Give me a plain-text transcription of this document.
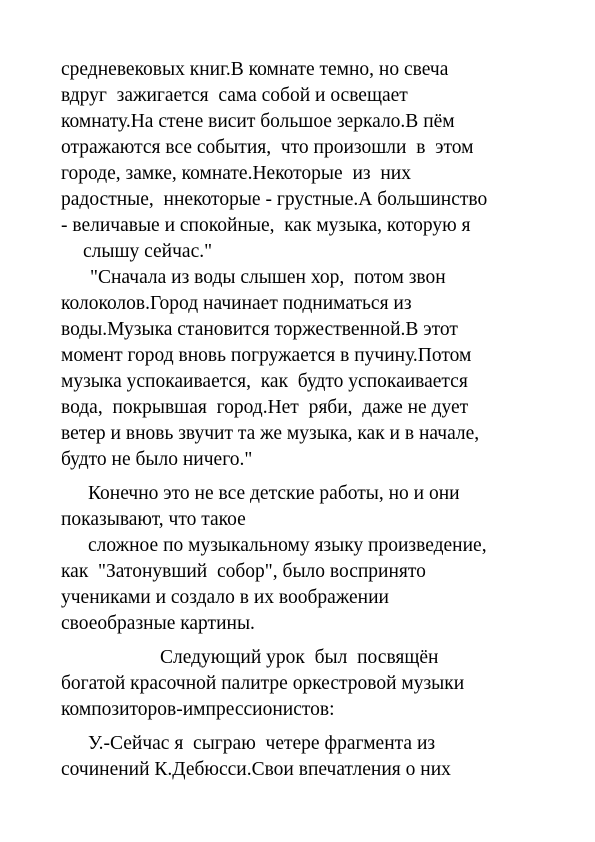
средневековых книг.В комнате темно, но свеча
вдруг  зажигается  сама собой и освещает
комнату.На стене висит большое зеркало.В пём
отражаются все события,  что произошли  в  этом
городе, замке, комнате.Некоторые  из  них
радостные,  ннекоторые - грустные.А большинство
- величавые и спокойные,  как музыка, которую я
слышу сейчас."
"Сначала из воды слышен хор,  потом звон
колоколов.Город начинает подниматься из
воды.Музыка становится торжественной.В этот
момент город вновь погружается в пучину.Потом
музыка успокаивается,  как  будто успокаивается
вода,  покрывшая  город.Нет  ряби,  даже не дует
ветер и вновь звучит та же музыка, как и в начале,
будто не было ничего."
Конечно это не все детские работы, но и они
показывают, что такое
сложное по музыкальному языку произведение,
как  "Затонувший  собор", было воспринято
учениками и создало в их воображении
своеобразные картины.
Следующий урок  был  посвящён
богатой красочной палитре оркестровой музыки
композиторов-импрессионистов:
У.-Сейчас я  сыграю  четере фрагмента из
сочинений К.Дебюсси.Свои впечатления о них
